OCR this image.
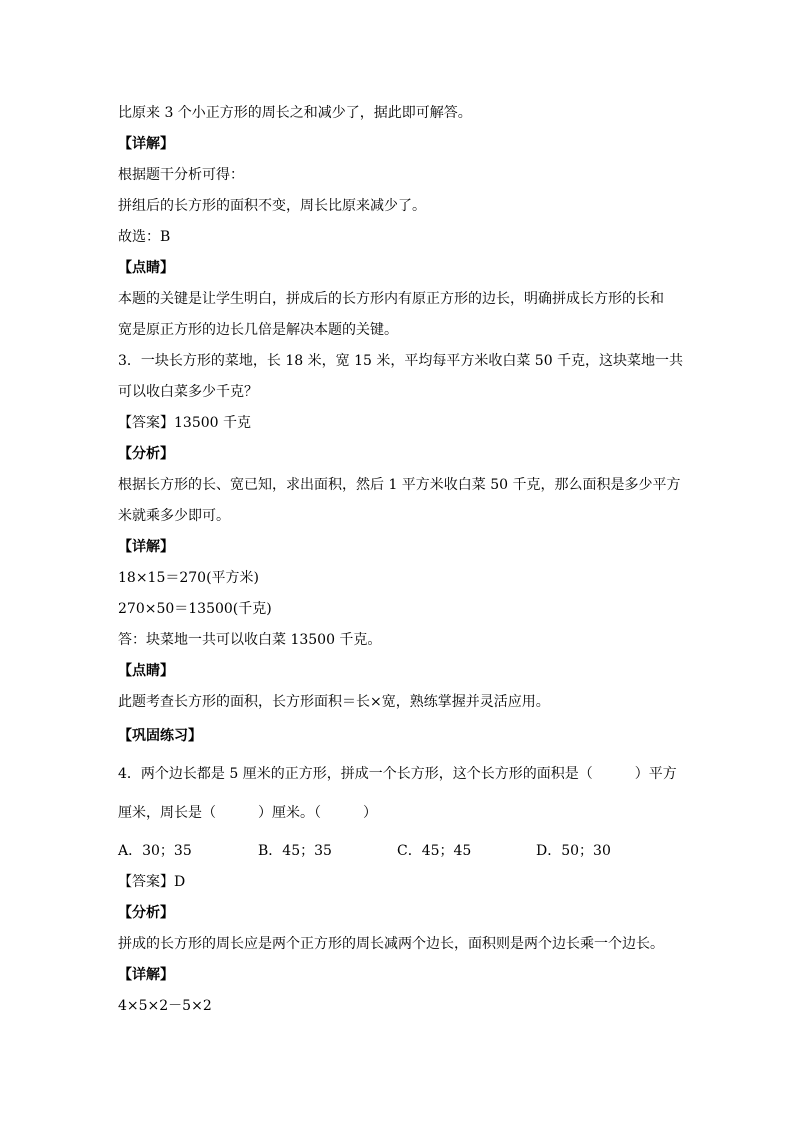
比原来 3 个小正方形的周长之和减少了，据此即可解答。
【详解】
根据题干分析可得：
拼组后的长方形的面积不变，周长比原来减少了。
故选：B
【点睛】
本题的关键是让学生明白，拼成后的长方形内有原正方形的边长，明确拼成长方形的长和
宽是原正方形的边长几倍是解决本题的关键。
3．一块长方形的菜地，长 18 米，宽 15 米，平均每平方米收白菜 50 千克，这块菜地一共
可以收白菜多少千克？
【答案】13500 千克
【分析】
根据长方形的长、宽已知，求出面积，然后 1 平方米收白菜 50 千克，那么面积是多少平方
米就乘多少即可。
【详解】
18×15＝270(平方米)
270×50＝13500(千克)
答：块菜地一共可以收白菜 13500 千克。
【点睛】
此题考查长方形的面积，长方形面积＝长×宽，熟练掌握并灵活应用。
【巩固练习】
4．两个边长都是 5 厘米的正方形，拼成一个长方形，这个长方形的面积是（　　　）平方
厘米，周长是（　　　）厘米。（　　　）
A．30；35	B．45；35	C．45；45	D．50；30
【答案】D
【分析】
拼成的长方形的周长应是两个正方形的周长减两个边长，面积则是两个边长乘一个边长。
【详解】
4×5×2－5×2
